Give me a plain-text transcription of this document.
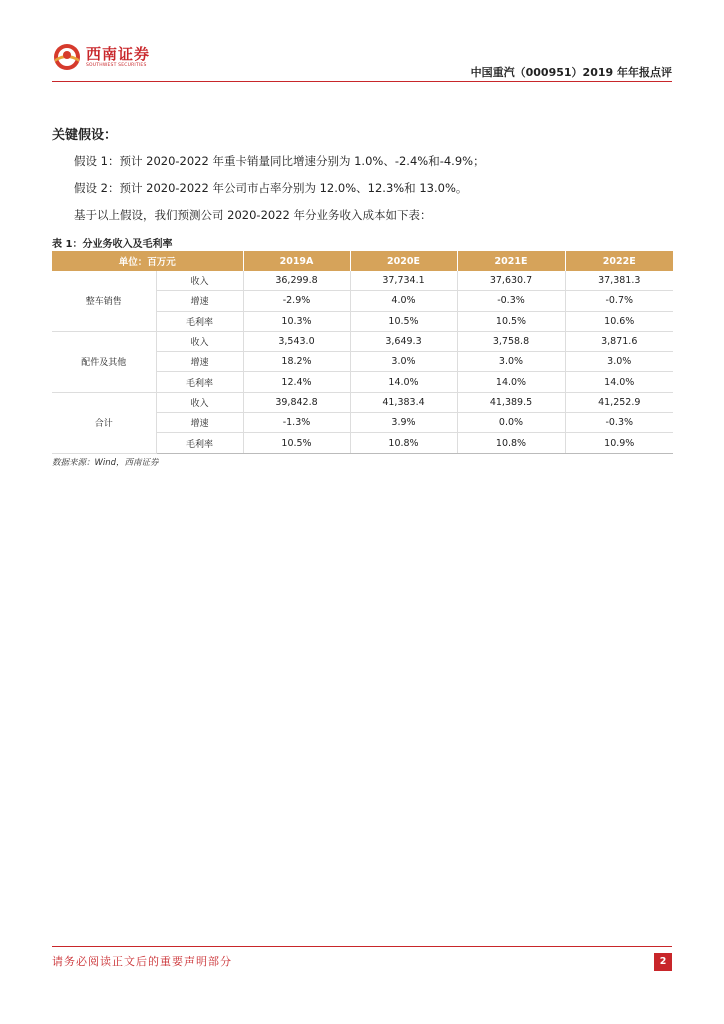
西南证券
SOUTHWEST SECURITIES
中国重汽（000951）2019 年年报点评
关键假设：
假设 1：预计 2020-2022 年重卡销量同比增速分别为 1.0%、-2.4%和-4.9%；
假设 2：预计 2020-2022 年公司市占率分别为 12.0%、12.3%和 13.0%。
基于以上假设，我们预测公司 2020-2022 年分业务收入成本如下表：
表 1：分业务收入及毛利率
单位：百万元		2019A	2020E	2021E	2022E
整车销售	收入	36,299.8	37,734.1	37,630.7	37,381.3
	增速	-2.9%	4.0%	-0.3%	-0.7%
	毛利率	10.3%	10.5%	10.5%	10.6%
配件及其他	收入	3,543.0	3,649.3	3,758.8	3,871.6
	增速	18.2%	3.0%	3.0%	3.0%
	毛利率	12.4%	14.0%	14.0%	14.0%
合计	收入	39,842.8	41,383.4	41,389.5	41,252.9
	增速	-1.3%	3.9%	0.0%	-0.3%
	毛利率	10.5%	10.8%	10.8%	10.9%
数据来源：Wind，西南证券
请务必阅读正文后的重要声明部分	2
